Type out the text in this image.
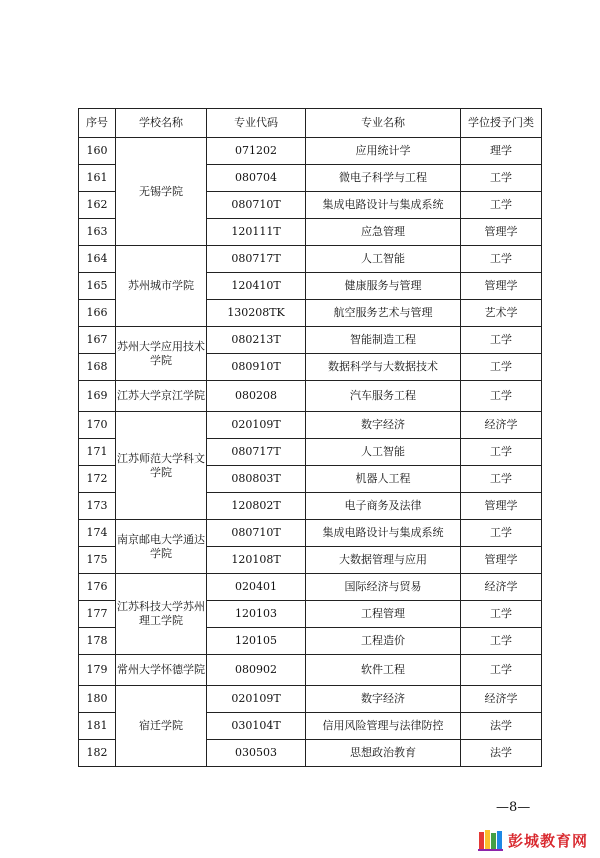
序号	学校名称	专业代码	专业名称	学位授予门类
160	无锡学院	071202	应用统计学	理学
161		080704	微电子科学与工程	工学
162		080710T	集成电路设计与集成系统	工学
163		120111T	应急管理	管理学
164	苏州城市学院	080717T	人工智能	工学
165		120410T	健康服务与管理	管理学
166		130208TK	航空服务艺术与管理	艺术学
167	苏州大学应用技术学院	080213T	智能制造工程	工学
168		080910T	数据科学与大数据技术	工学
169	江苏大学京江学院	080208	汽车服务工程	工学
170	江苏师范大学科文学院	020109T	数字经济	经济学
171		080717T	人工智能	工学
172		080803T	机器人工程	工学
173		120802T	电子商务及法律	管理学
174	南京邮电大学通达学院	080710T	集成电路设计与集成系统	工学
175		120108T	大数据管理与应用	管理学
176	江苏科技大学苏州理工学院	020401	国际经济与贸易	经济学
177		120103	工程管理	工学
178		120105	工程造价	工学
179	常州大学怀德学院	080902	软件工程	工学
180	宿迁学院	020109T	数字经济	经济学
181		030104T	信用风险管理与法律防控	法学
182		030503	思想政治教育	法学
—8—
彭城教育网
